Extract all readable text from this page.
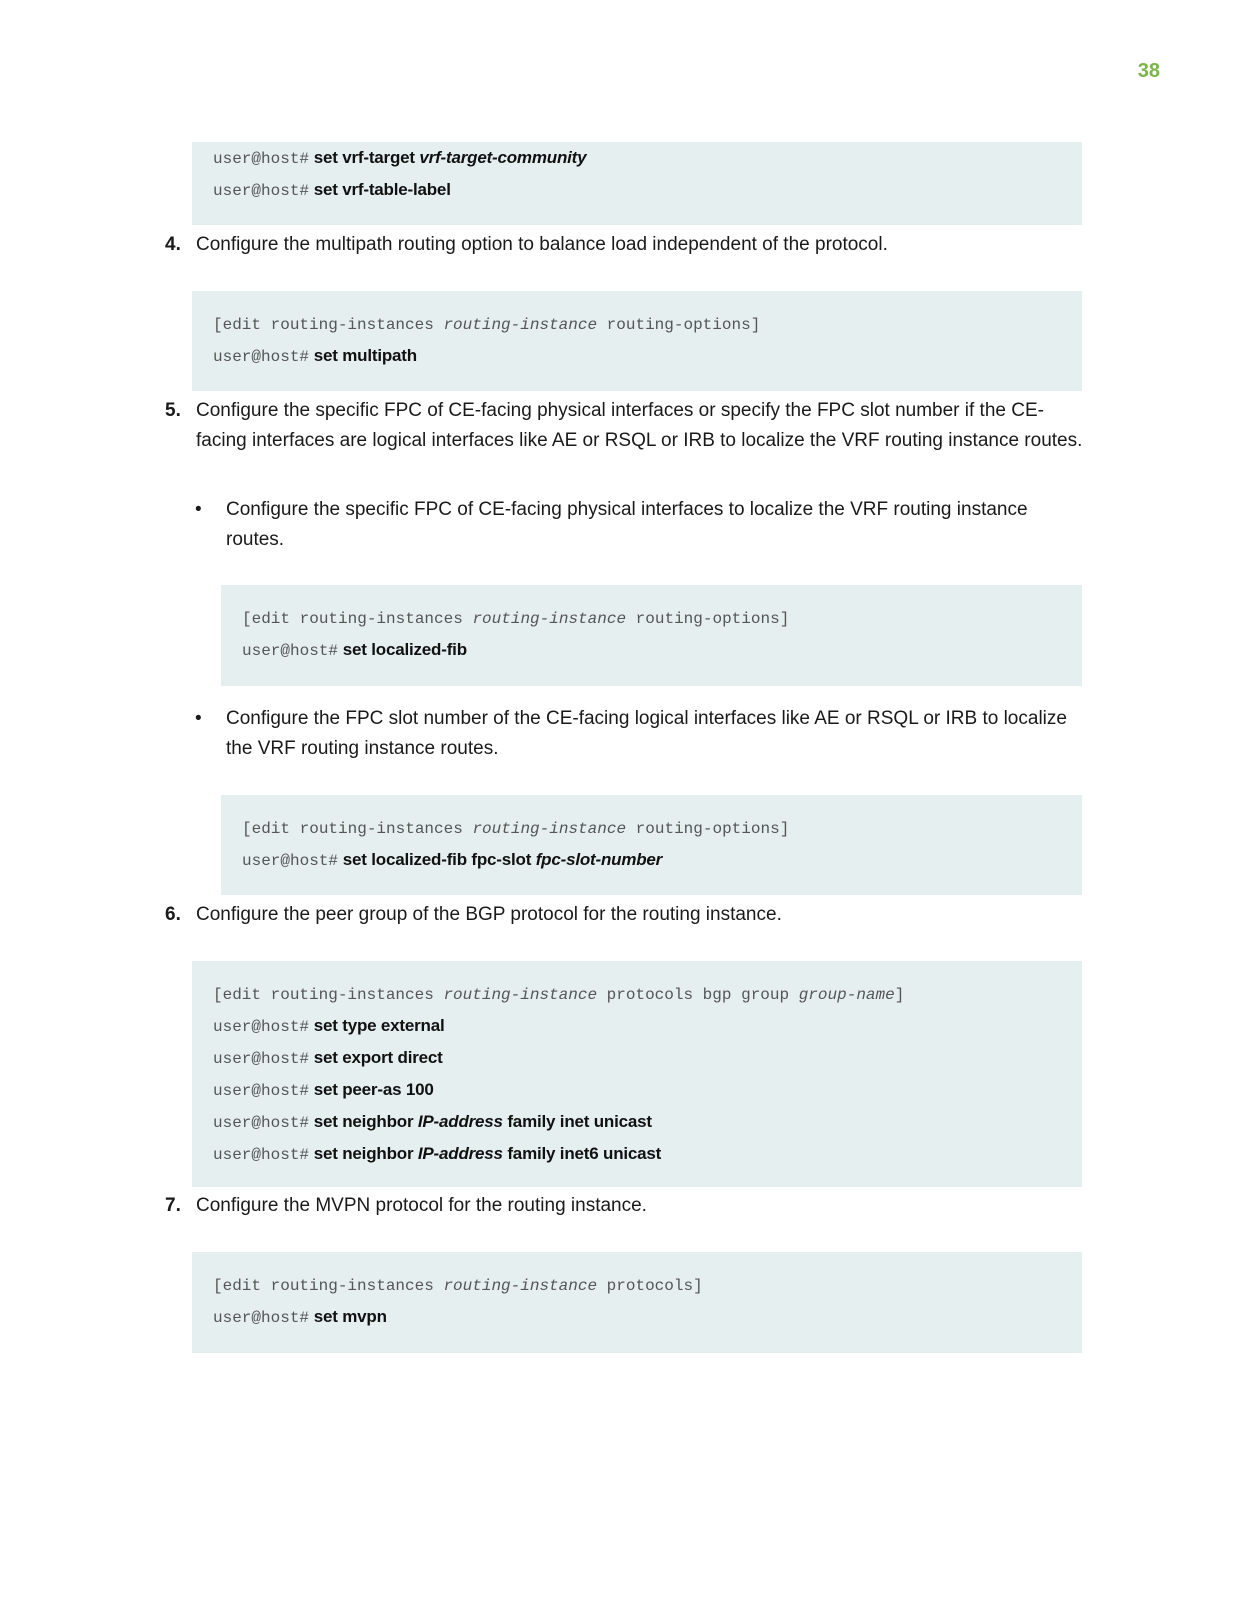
38
user@host# set vrf-target vrf-target-community
user@host# set vrf-table-label
4. Configure the multipath routing option to balance load independent of the protocol.
[edit routing-instances routing-instance routing-options]
user@host# set multipath
5. Configure the specific FPC of CE-facing physical interfaces or specify the FPC slot number if the CE-facing interfaces are logical interfaces like AE or RSQL or IRB to localize the VRF routing instance routes.
• Configure the specific FPC of CE-facing physical interfaces to localize the VRF routing instance routes.
[edit routing-instances routing-instance routing-options]
user@host# set localized-fib
• Configure the FPC slot number of the CE-facing logical interfaces like AE or RSQL or IRB to localize the VRF routing instance routes.
[edit routing-instances routing-instance routing-options]
user@host# set localized-fib fpc-slot fpc-slot-number
6. Configure the peer group of the BGP protocol for the routing instance.
[edit routing-instances routing-instance protocols bgp group group-name]
user@host# set type external
user@host# set export direct
user@host# set peer-as 100
user@host# set neighbor IP-address family inet unicast
user@host# set neighbor IP-address family inet6 unicast
7. Configure the MVPN protocol for the routing instance.
[edit routing-instances routing-instance protocols]
user@host# set mvpn
